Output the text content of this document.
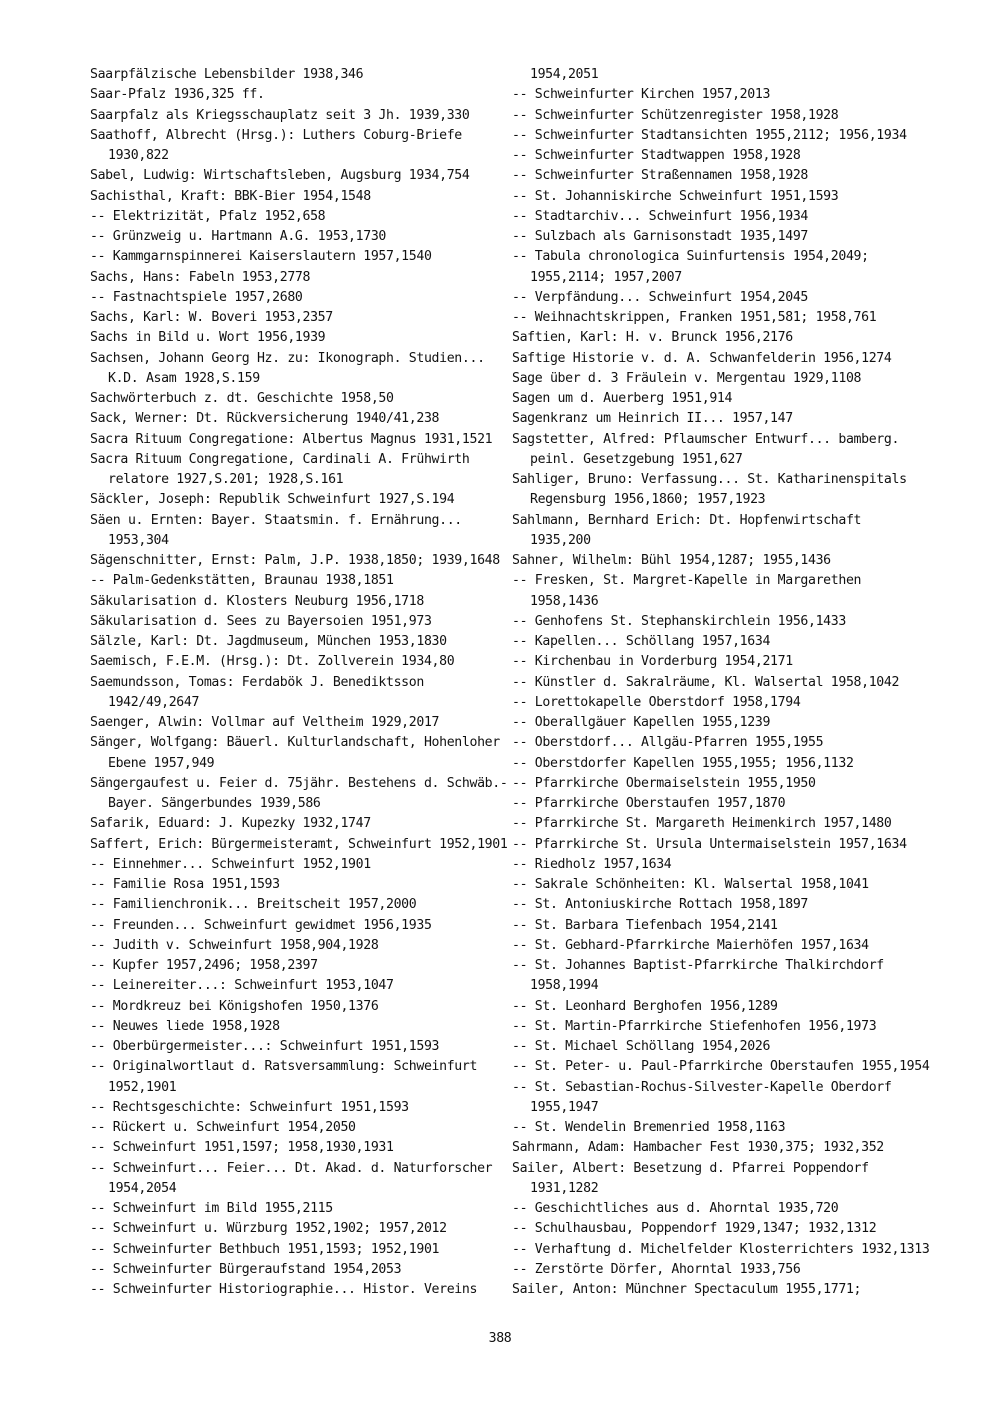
Saarpfälzische Lebensbilder 1938,346
Saar-Pfalz 1936,325 ff.
Saarpfalz als Kriegsschauplatz seit 3 Jh. 1939,330
Saathoff, Albrecht (Hrsg.): Luthers Coburg-Briefe
1930,822
Sabel, Ludwig: Wirtschaftsleben, Augsburg 1934,754
Sachisthal, Kraft: BBK-Bier 1954,1548
-- Elektrizität, Pfalz 1952,658
-- Grünzweig u. Hartmann A.G. 1953,1730
-- Kammgarnspinnerei Kaiserslautern 1957,1540
Sachs, Hans: Fabeln 1953,2778
-- Fastnachtspiele 1957,2680
Sachs, Karl: W. Boveri 1953,2357
Sachs in Bild u. Wort 1956,1939
Sachsen, Johann Georg Hz. zu: Ikonograph. Studien...
K.D. Asam 1928,S.159
Sachwörterbuch z. dt. Geschichte 1958,50
Sack, Werner: Dt. Rückversicherung 1940/41,238
Sacra Rituum Congregatione: Albertus Magnus 1931,1521
Sacra Rituum Congregatione, Cardinali A. Frühwirth
relatore 1927,S.201; 1928,S.161
Säckler, Joseph: Republik Schweinfurt 1927,S.194
Säen u. Ernten: Bayer. Staatsmin. f. Ernährung...
1953,304
Sägenschnitter, Ernst: Palm, J.P. 1938,1850; 1939,1648
-- Palm-Gedenkstätten, Braunau 1938,1851
Säkularisation d. Klosters Neuburg 1956,1718
Säkularisation d. Sees zu Bayersoien 1951,973
Sälzle, Karl: Dt. Jagdmuseum, München 1953,1830
Saemisch, F.E.M. (Hrsg.): Dt. Zollverein 1934,80
Saemundsson, Tomas: Ferdabök J. Benediktsson
1942/49,2647
Saenger, Alwin: Vollmar auf Veltheim 1929,2017
Sänger, Wolfgang: Bäuerl. Kulturlandschaft, Hohenloher
Ebene 1957,949
Sängergaufest u. Feier d. 75jähr. Bestehens d. Schwäb.-
Bayer. Sängerbundes 1939,586
Safarik, Eduard: J. Kupezky 1932,1747
Saffert, Erich: Bürgermeisteramt, Schweinfurt 1952,1901
-- Einnehmer... Schweinfurt 1952,1901
-- Familie Rosa 1951,1593
-- Familienchronik... Breitscheit 1957,2000
-- Freunden... Schweinfurt gewidmet 1956,1935
-- Judith v. Schweinfurt 1958,904,1928
-- Kupfer 1957,2496; 1958,2397
-- Leinereiter...: Schweinfurt 1953,1047
-- Mordkreuz bei Königshofen 1950,1376
-- Neuwes liede 1958,1928
-- Oberbürgermeister...: Schweinfurt 1951,1593
-- Originalwortlaut d. Ratsversammlung: Schweinfurt
1952,1901
-- Rechtsgeschichte: Schweinfurt 1951,1593
-- Rückert u. Schweinfurt 1954,2050
-- Schweinfurt 1951,1597; 1958,1930,1931
-- Schweinfurt... Feier... Dt. Akad. d. Naturforscher
1954,2054
-- Schweinfurt im Bild 1955,2115
-- Schweinfurt u. Würzburg 1952,1902; 1957,2012
-- Schweinfurter Bethbuch 1951,1593; 1952,1901
-- Schweinfurter Bürgeraufstand 1954,2053
-- Schweinfurter Historiographie... Histor. Vereins
1954,2051
-- Schweinfurter Kirchen 1957,2013
-- Schweinfurter Schützenregister 1958,1928
-- Schweinfurter Stadtansichten 1955,2112; 1956,1934
-- Schweinfurter Stadtwappen 1958,1928
-- Schweinfurter Straßennamen 1958,1928
-- St. Johanniskirche Schweinfurt 1951,1593
-- Stadtarchiv... Schweinfurt 1956,1934
-- Sulzbach als Garnisonstadt 1935,1497
-- Tabula chronologica Suinfurtensis 1954,2049;
1955,2114; 1957,2007
-- Verpfändung... Schweinfurt 1954,2045
-- Weihnachtskrippen, Franken 1951,581; 1958,761
Saftien, Karl: H. v. Brunck 1956,2176
Saftige Historie v. d. A. Schwanfelderin 1956,1274
Sage über d. 3 Fräulein v. Mergentau 1929,1108
Sagen um d. Auerberg 1951,914
Sagenkranz um Heinrich II... 1957,147
Sagstetter, Alfred: Pflaumscher Entwurf... bamberg.
peinl. Gesetzgebung 1951,627
Sahliger, Bruno: Verfassung... St. Katharinenspitals
Regensburg 1956,1860; 1957,1923
Sahlmann, Bernhard Erich: Dt. Hopfenwirtschaft
1935,200
Sahner, Wilhelm: Bühl 1954,1287; 1955,1436
-- Fresken, St. Margret-Kapelle in Margarethen
1958,1436
-- Genhofens St. Stephanskirchlein 1956,1433
-- Kapellen... Schöllang 1957,1634
-- Kirchenbau in Vorderburg 1954,2171
-- Künstler d. Sakralräume, Kl. Walsertal 1958,1042
-- Lorettokapelle Oberstdorf 1958,1794
-- Oberallgäuer Kapellen 1955,1239
-- Oberstdorf... Allgäu-Pfarren 1955,1955
-- Oberstdorfer Kapellen 1955,1955; 1956,1132
-- Pfarrkirche Obermaiselstein 1955,1950
-- Pfarrkirche Oberstaufen 1957,1870
-- Pfarrkirche St. Margareth Heimenkirch 1957,1480
-- Pfarrkirche St. Ursula Untermaiselstein 1957,1634
-- Riedholz 1957,1634
-- Sakrale Schönheiten: Kl. Walsertal 1958,1041
-- St. Antoniuskirche Rottach 1958,1897
-- St. Barbara Tiefenbach 1954,2141
-- St. Gebhard-Pfarrkirche Maierhöfen 1957,1634
-- St. Johannes Baptist-Pfarrkirche Thalkirchdorf
1958,1994
-- St. Leonhard Berghofen 1956,1289
-- St. Martin-Pfarrkirche Stiefenhofen 1956,1973
-- St. Michael Schöllang 1954,2026
-- St. Peter- u. Paul-Pfarrkirche Oberstaufen 1955,1954
-- St. Sebastian-Rochus-Silvester-Kapelle Oberdorf
1955,1947
-- St. Wendelin Bremenried 1958,1163
Sahrmann, Adam: Hambacher Fest 1930,375; 1932,352
Sailer, Albert: Besetzung d. Pfarrei Poppendorf
1931,1282
-- Geschichtliches aus d. Ahorntal 1935,720
-- Schulhausbau, Poppendorf 1929,1347; 1932,1312
-- Verhaftung d. Michelfelder Klosterrichters 1932,1313
-- Zerstörte Dörfer, Ahorntal 1933,756
Sailer, Anton: Münchner Spectaculum 1955,1771;
388
